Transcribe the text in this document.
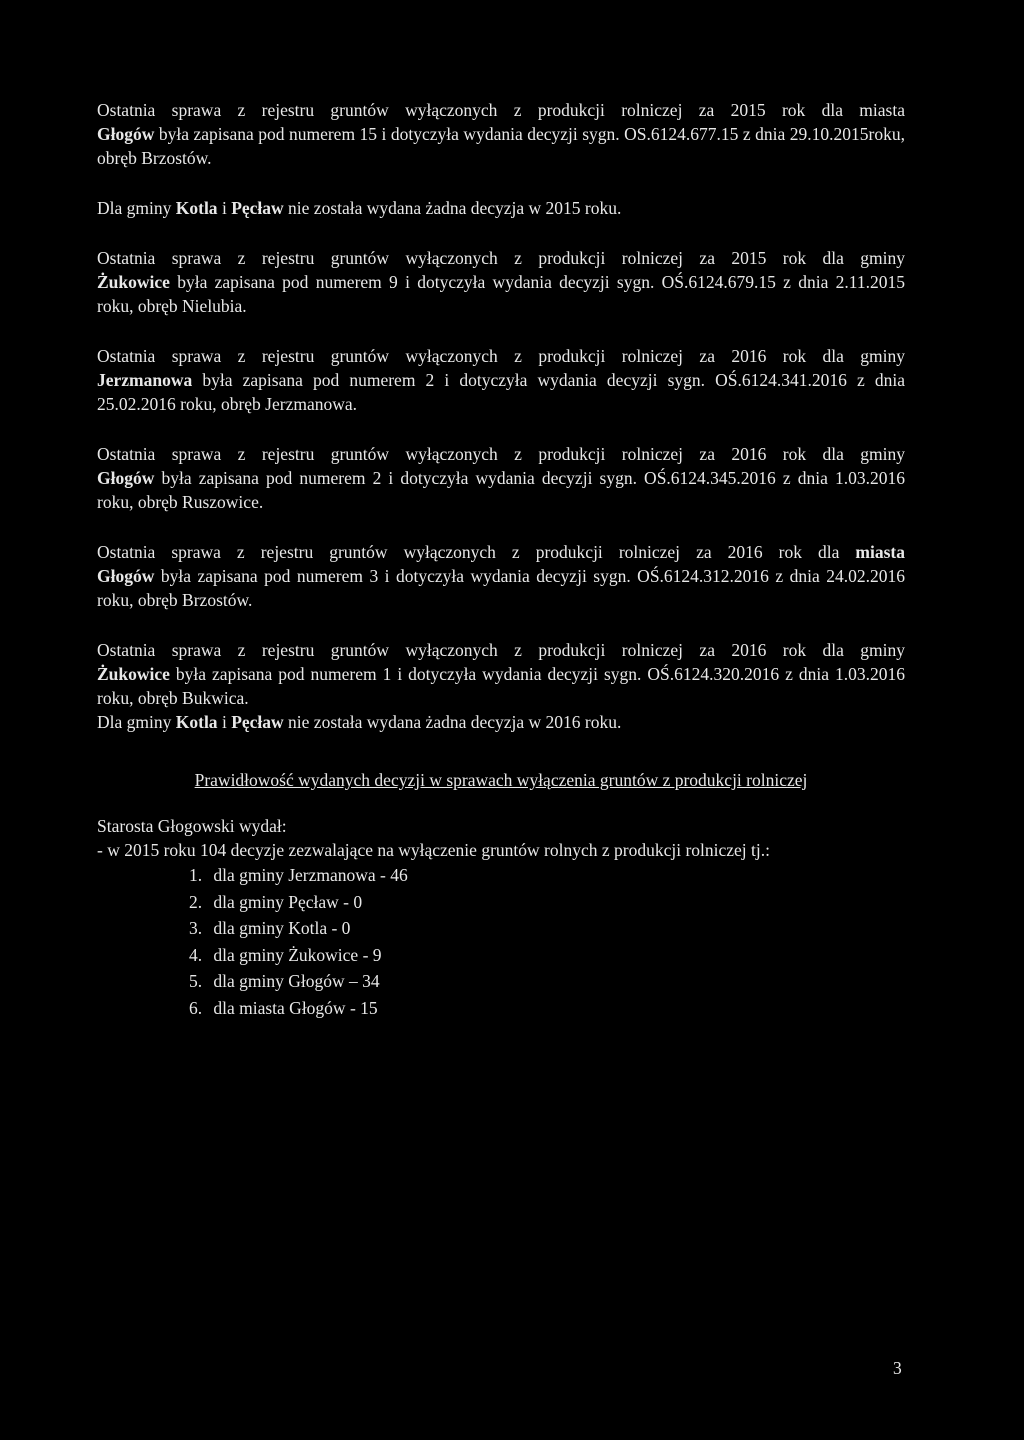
Ostatnia sprawa z rejestru gruntów wyłączonych z produkcji rolniczej za 2015 rok dla miasta
Głogów była zapisana pod numerem 15 i dotyczyła wydania decyzji sygn. OS.6124.677.15 z dnia 29.10.2015roku, obręb Brzostów.

Dla gminy Kotla i Pęcław nie została wydana żadna decyzja w 2015 roku.

Ostatnia sprawa z rejestru gruntów wyłączonych z produkcji rolniczej za 2015 rok dla gminy
Żukowice była zapisana pod numerem 9 i dotyczyła wydania decyzji sygn. OŚ.6124.679.15 z dnia 2.11.2015 roku, obręb Nielubia.

Ostatnia sprawa z rejestru gruntów wyłączonych z produkcji rolniczej za 2016 rok dla gminy
Jerzmanowa była zapisana pod numerem 2 i dotyczyła wydania decyzji sygn. OŚ.6124.341.2016 z dnia 25.02.2016 roku, obręb Jerzmanowa.

Ostatnia sprawa z rejestru gruntów wyłączonych z produkcji rolniczej za 2016 rok dla gminy
Głogów była zapisana pod numerem 2 i dotyczyła wydania decyzji sygn. OŚ.6124.345.2016 z dnia 1.03.2016 roku, obręb Ruszowice.

Ostatnia sprawa z rejestru gruntów wyłączonych z produkcji rolniczej za 2016 rok dla miasta
Głogów była zapisana pod numerem 3 i dotyczyła wydania decyzji sygn. OŚ.6124.312.2016 z dnia 24.02.2016 roku, obręb Brzostów.

Ostatnia sprawa z rejestru gruntów wyłączonych z produkcji rolniczej za 2016 rok dla gminy
Żukowice była zapisana pod numerem 1 i dotyczyła wydania decyzji sygn. OŚ.6124.320.2016 z dnia 1.03.2016 roku, obręb Bukwica.

Dla gminy Kotla i Pęcław nie została wydana żadna decyzja w 2016 roku.

Prawidłowość wydanych decyzji w sprawach wyłączenia gruntów z produkcji rolniczej

Starosta Głogowski wydał:

- w 2015 roku 104 decyzje zezwalające na wyłączenie gruntów rolnych z produkcji rolniczej tj.:

1. dla gminy Jerzmanowa - 46
2. dla gminy Pęcław - 0
3. dla gminy Kotla - 0
4. dla gminy Żukowice - 9
5. dla gminy Głogów – 34
6. dla miasta Głogów - 15
3
